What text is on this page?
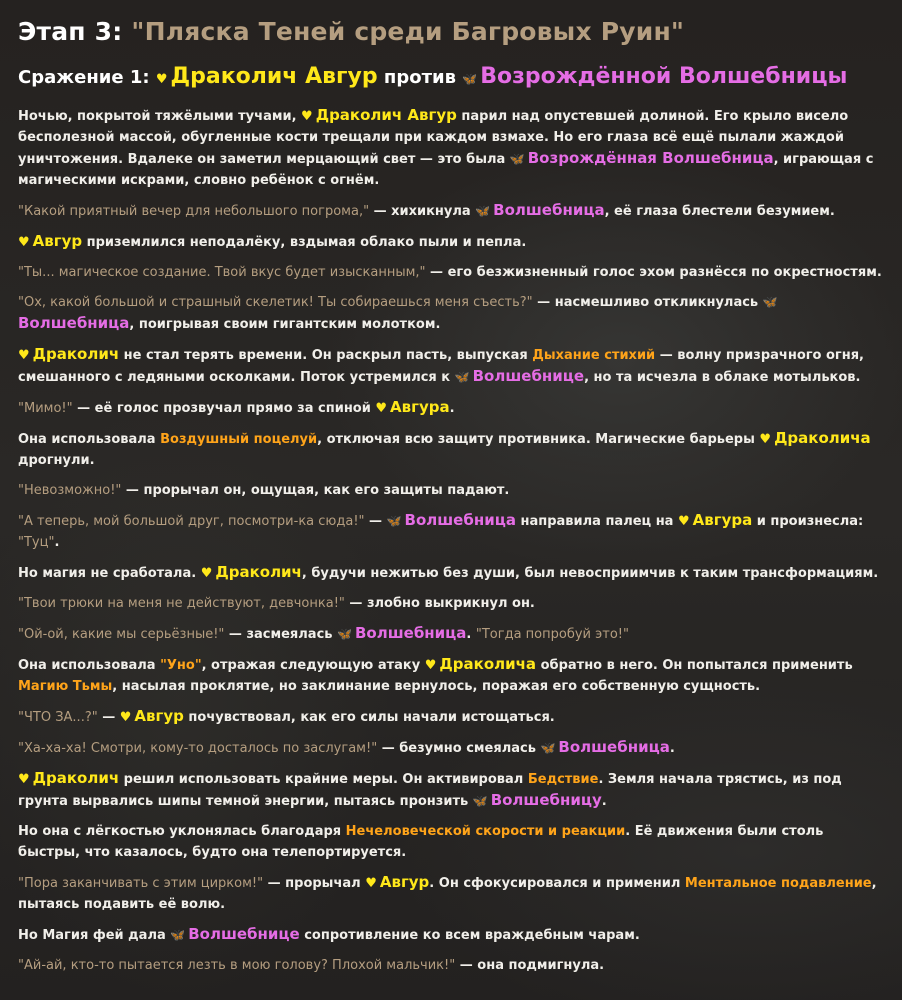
Этап 3: "Пляска Теней среди Багровых Руин"
Сражение 1: ♥ Драколич Авгур против 🦋 Возрождённой Волшебницы

Ночью, покрытой тяжёлыми тучами, ♥ Драколич Авгур парил над опустевшей долиной. Его крыло висело бесполезной массой, обугленные кости трещали при каждом взмахе. Но его глаза всё ещё пылали жаждой уничтожения. Вдалеке он заметил мерцающий свет — это была 🦋 Возрождённая Волшебница, играющая с магическими искрами, словно ребёнок с огнём.

"Какой приятный вечер для небольшого погрома," — хихикнула 🦋 Волшебница, её глаза блестели безумием.

♥ Авгур приземлился неподалёку, вздымая облако пыли и пепла.

"Ты... магическое создание. Твой вкус будет изысканным," — его безжизненный голос эхом разнёсся по окрестностям.

"Ох, какой большой и страшный скелетик! Ты собираешься меня съесть?" — насмешливо откликнулась 🦋Волшебница, поигрывая своим гигантским молотком.

♥ Драколич не стал терять времени. Он раскрыл пасть, выпуская Дыхание стихий — волну призрачного огня, смешанного с ледяными осколками. Поток устремился к 🦋 Волшебнице, но та исчезла в облаке мотыльков.

"Мимо!" — её голос прозвучал прямо за спиной ♥ Авгура.

Она использовала Воздушный поцелуй, отключая всю защиту противника. Магические барьеры ♥ Драколича дрогнули.

"Невозможно!" — прорычал он, ощущая, как его защиты падают.

"А теперь, мой большой друг, посмотри-ка сюда!" — 🦋 Волшебница направила палец на ♥ Авгура и произнесла: "Туц".

Но магия не сработала. ♥ Драколич, будучи нежитью без души, был невосприимчив к таким трансформациям.

"Твои трюки на меня не действуют, девчонка!" — злобно выкрикнул он.

"Ой-ой, какие мы серьёзные!" — засмеялась 🦋 Волшебница. "Тогда попробуй это!"

Она использовала "Уно", отражая следующую атаку ♥ Драколича обратно в него. Он попытался применить Магию Тьмы, насылая проклятие, но заклинание вернулось, поражая его собственную сущность.

"ЧТО ЗА...?" — ♥ Авгур почувствовал, как его силы начали истощаться.

"Ха-ха-ха! Смотри, кому-то досталось по заслугам!" — безумно смеялась 🦋 Волшебница.

♥ Драколич решил использовать крайние меры. Он активировал Бедствие. Земля начала трястись, из под грунта вырвались шипы темной энергии, пытаясь пронзить 🦋 Волшебницу.

Но она с лёгкостью уклонялась благодаря Нечеловеческой скорости и реакции. Её движения были столь быстры, что казалось, будто она телепортируется.

"Пора заканчивать с этим цирком!" — прорычал ♥ Авгур. Он сфокусировался и применил Ментальное подавление, пытаясь подавить её волю.

Но Магия фей дала 🦋 Волшебнице сопротивление ко всем враждебным чарам.

"Ай-ай, кто-то пытается лезть в мою голову? Плохой мальчик!" — она подмигнула.
